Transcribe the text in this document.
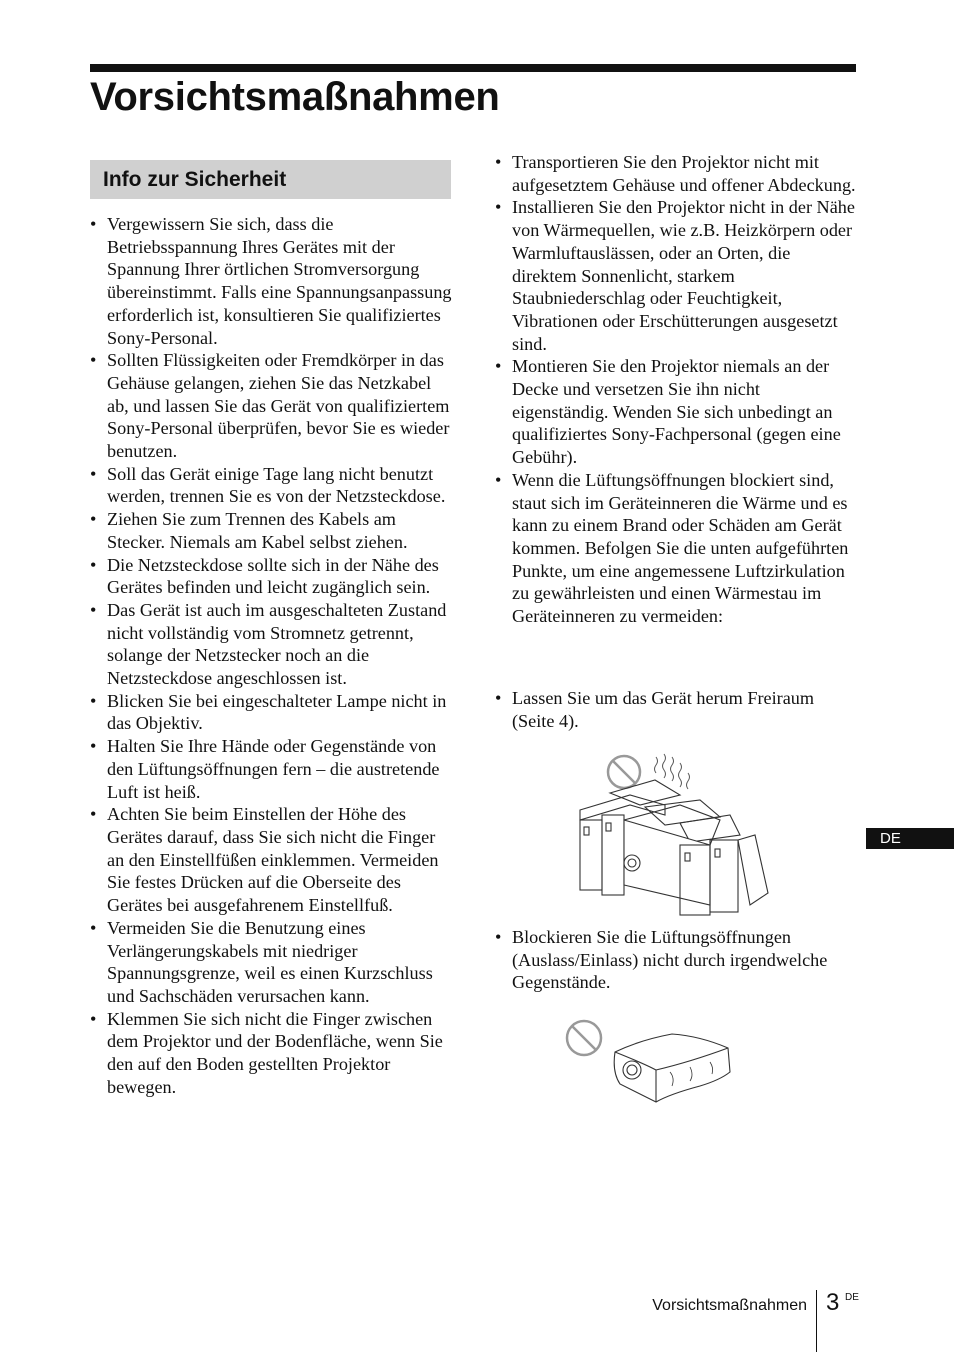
Vorsichtsmaßnahmen
Info zur Sicherheit
• Vergewissern Sie sich, dass die Betriebsspannung Ihres Gerätes mit der Spannung Ihrer örtlichen Stromversorgung übereinstimmt. Falls eine Spannungsanpassung erforderlich ist, konsultieren Sie qualifiziertes Sony-Personal.
• Sollten Flüssigkeiten oder Fremdkörper in das Gehäuse gelangen, ziehen Sie das Netzkabel ab, und lassen Sie das Gerät von qualifiziertem Sony-Personal überprüfen, bevor Sie es wieder benutzen.
• Soll das Gerät einige Tage lang nicht benutzt werden, trennen Sie es von der Netzsteckdose.
• Ziehen Sie zum Trennen des Kabels am Stecker. Niemals am Kabel selbst ziehen.
• Die Netzsteckdose sollte sich in der Nähe des Gerätes befinden und leicht zugänglich sein.
• Das Gerät ist auch im ausgeschalteten Zustand nicht vollständig vom Stromnetz getrennt, solange der Netzstecker noch an die Netzsteckdose angeschlossen ist.
• Blicken Sie bei eingeschalteter Lampe nicht in das Objektiv.
• Halten Sie Ihre Hände oder Gegenstände von den Lüftungsöffnungen fern – die austretende Luft ist heiß.
• Achten Sie beim Einstellen der Höhe des Gerätes darauf, dass Sie sich nicht die Finger an den Einstellfüßen einklemmen. Vermeiden Sie festes Drücken auf die Oberseite des Gerätes bei ausgefahrenem Einstellfuß.
• Vermeiden Sie die Benutzung eines Verlängerungskabels mit niedriger Spannungsgrenze, weil es einen Kurzschluss und Sachschäden verursachen kann.
• Klemmen Sie sich nicht die Finger zwischen dem Projektor und der Bodenfläche, wenn Sie den auf den Boden gestellten Projektor bewegen.
• Transportieren Sie den Projektor nicht mit aufgesetztem Gehäuse und offener Abdeckung.
• Installieren Sie den Projektor nicht in der Nähe von Wärmequellen, wie z.B. Heizkörpern oder Warmluftauslässen, oder an Orten, die direktem Sonnenlicht, starkem Staubniederschlag oder Feuchtigkeit, Vibrationen oder Erschütterungen ausgesetzt sind.
• Montieren Sie den Projektor niemals an der Decke und versetzen Sie ihn nicht eigenständig. Wenden Sie sich unbedingt an qualifiziertes Sony-Fachpersonal (gegen eine Gebühr).
• Wenn die Lüftungsöffnungen blockiert sind, staut sich im Geräteinneren die Wärme und es kann zu einem Brand oder Schäden am Gerät kommen. Befolgen Sie die unten aufgeführten Punkte, um eine angemessene Luftzirkulation zu gewährleisten und einen Wärmestau im Geräteinneren zu vermeiden:
• Lassen Sie um das Gerät herum Freiraum (Seite 4).
• Blockieren Sie die Lüftungsöffnungen (Auslass/Einlass) nicht durch irgendwelche Gegenstände.
DE
Vorsichtsmaßnahmen 3 DE
